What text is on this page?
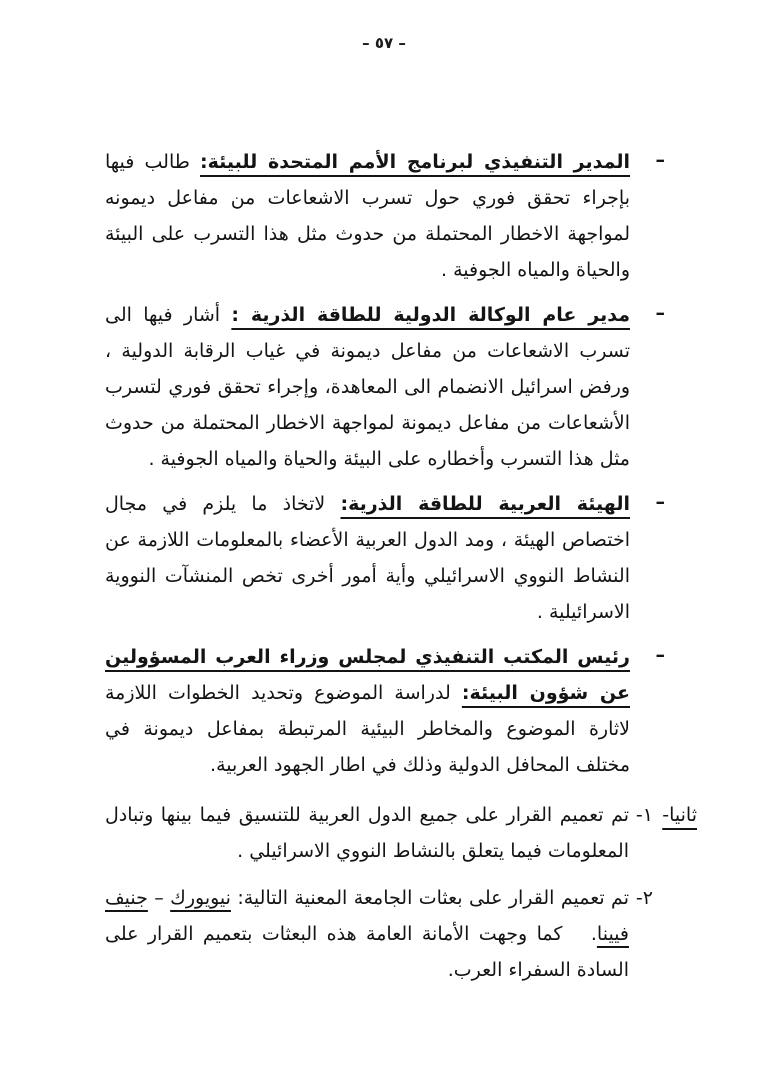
– ٥٧ –
–
المدير التنفيذي لبرنامج الأمم المتحدة للبيئة: طالب فيها بإجراء تحقق فوري حول تسرب الاشعاعات من مفاعل ديمونه لمواجهة الاخطار المحتملة من حدوث مثل هذا التسرب على البيئة والحياة والمياه الجوفية .
–
مدير عام الوكالة الدولية للطاقة الذرية : أشار فيها الى تسرب الاشعاعات من مفاعل ديمونة في غياب الرقابة الدولية ، ورفض اسرائيل الانضمام الى المعاهدة، وإجراء تحقق فوري لتسرب الأشعاعات من مفاعل ديمونة لمواجهة الاخطار المحتملة من حدوث مثل هذا التسرب وأخطاره على البيئة والحياة والمياه الجوفية .
–
الهيئة العربية للطاقة الذرية: لاتخاذ ما يلزم في مجال اختصاص الهيئة ، ومد الدول العربية الأعضاء بالمعلومات اللازمة عن النشاط النووي الاسرائيلي وأية أمور أخرى تخص المنشآت النووية الاسرائيلية .
–
رئيس المكتب التنفيذي لمجلس وزراء العرب المسؤولين عن شؤون البيئة: لدراسة الموضوع وتحديد الخطوات اللازمة لاثارة الموضوع والمخاطر البيئية المرتبطة بمفاعل ديمونة في مختلف المحافل الدولية وذلك في اطار الجهود العربية.
ثانيا-
١-
تم تعميم القرار على جميع الدول العربية للتنسيق فيما بينها وتبادل المعلومات فيما يتعلق بالنشاط النووي الاسرائيلي .
٢-
تم تعميم القرار على بعثات الجامعة المعنية التالية: نيويورك – جنيف فيينا.  كما وجهت الأمانة العامة هذه البعثات بتعميم القرار على السادة السفراء العرب.
